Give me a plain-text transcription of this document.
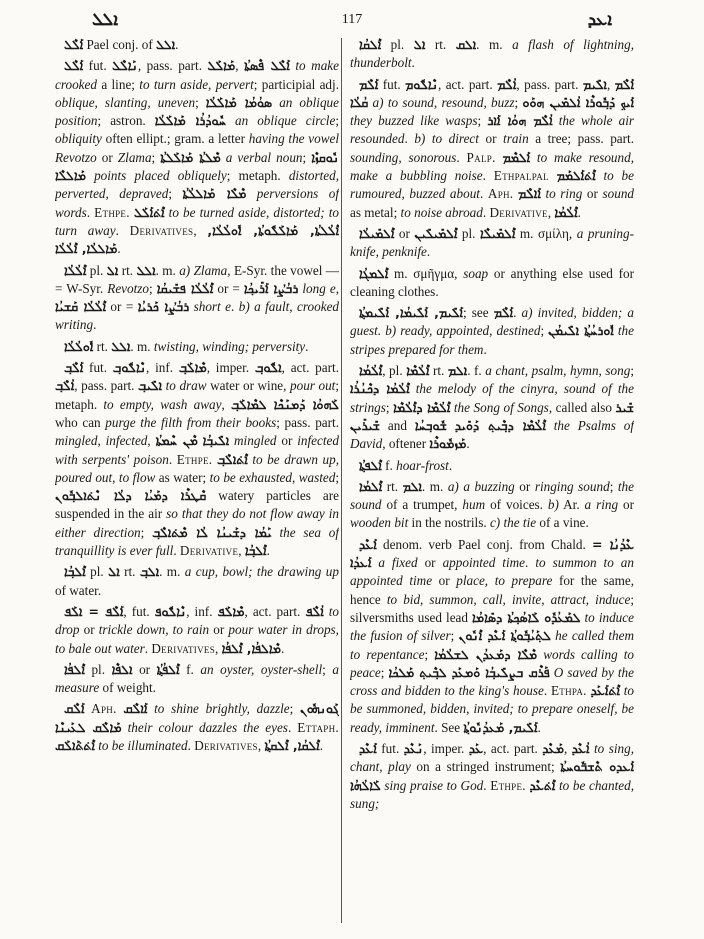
ܐܠܠ	117	ܐܥܕ

ܐܰܠܶܠ Pael conj. of ܐܠܠ.

ܐܰܠܶܠ fut. ܢܰܐܠܶܠ, pass. part. ܡܰܐܠܰܠ, ܐܰܠܶܠ ܦܶܣܬܳܐ to make crooked a line; to turn aside, pervert; participial adj. oblique, slanting, uneven; ܣܘܳܡܳܐ ܡܰܐܠܰܠܳܐ an oblique position; astron. ܚܽܘܕܳܪܳܐ ܡܰܐܠܰܠܳܐ an oblique circle; obliquity often ellipt.; gram. a letter having the vowel Revotzo or Zlama; ܡܶܠܬܳܐ ܡܰܐܠܰܠܬܳܐ a verbal noun; ܢܽܘܩܙܶܐ ܡܰܐܠܠܶܐ points placed obliquely; metaph. distorted, perverted, depraved; ܡܶܠܶܐ ܡܰܐܠܠܳܬܳܐ perversions of words. Ethpe. ܐܶܬ݁ܐܰܠܰܠ to be turned aside, distorted; to turn away. Derivatives, ܐܶܠܳܠܬܳܐ, ܡܰܐܠܰܠܽܘܬܳܐ, ܐܽܘܠܳܠܳܐ, ܡܰܐܠܠܳܐ, ܐܶܠܳܠܳܐ.

ܐܶܠܳܠܳܐ pl. ܐܠ rt. ܐܠܠ. m. a) Zlama, E-Syr. the vowel — = W-Syr. Revotzo; ܐܶܠܳܠܳܐ ܦܫܺܝܩܳܐ or = ܪܒܳܨܳܐ ܐܰܪܺܝܟ݂ܳܐ long e, ܐܶܠܳܠܳܐ ܩܰܫܝܳܐ or = ܪܒܳܨܳܐ ܟܰܪܝܳܐ short e. b) a fault, crooked writing.

ܐܽܘܠܳܠܳܐ rt. ܐܠܠ. m. twisting, winding; perversity.

ܐܰܠܶܒ݂ fut. ܢܶܐܠܽܘܒ݂, inf. ܡܶܐܠܰܒ݂, imper. ܐܠܽܘܒ݂, act. part. ܐܳܠܶܒ݂, pass. part. ܐܠܺܝܒ݂ to draw water or wine, pour out; metaph. to empty, wash away, ܠܰܗܘܳܐ ܕܰܡܢܰܟܶܐ ܠܡܶܐܠܰܒ݂ who can purge the filth from their books; pass. part. mingled, infected, ܡܶܢ ܚܶܡܬܳܐ ܐܠܺܝܒ݂ܳܐ mingled or infected with serpents' poison. Ethpe. ܐܶܬ݁ܐܠܶܒ݂ to be drawn up, poured out, to flow as water; to be exhausted, wasted; ܩܶܛܪܶܐ ܕܡܰܝܳܐ ܕܠܳܐ ܢܶܬ݁ܐܠܒ݂ܽܘܢ watery particles are suspended in the air so that they do not flow away in either direction; ܝܰܡܳܐ ܕܫܰܝܢܳܐ ܠܳܐ ܡܶܬ݁ܐܠܶܒ݂ the sea of tranquillity is ever full. Derivative, ܐܶܠܒ݂ܳܐ.

ܐܶܠܒ݂ܳܐ pl. ܐܠ rt. ܐܠܒ݂. m. a cup, bowl; the drawing up of water.

ܐܰܠܶܦ = ܐܠܰܦ, fut. ܢܶܐܠܽܘܦ, inf. ܡܶܐܠܰܦ, act. part. ܐܳܠܶܦ to drop or trickle down, to rain or pour water in drops, to bale out water. Derivatives, ܡܶܐܠܦܳܐ, ܐܶܠܦܳܐ.

ܐܶܠܦܳܐ pl. ܐܠܦܶܐ or ܐܶܠܦܳܬ݂ܳܐ f. an oyster, oyster-shell; a measure of weight.

ܐܰܠܶܩ Aph. ܐܰܐܠܶܩ to shine brightly, dazzle; ܓܰܘܢܗܽܘܢ ܡܰܐܠܶܩ ܠܥܰܝܢܶܐ their colour dazzles the eyes. Ettaph. ܐܶܬ݁ܬ݁ܰܐܠܰܩ to be illuminated. Derivatives, ܐܶܠܩܳܐ, ܐܶܠܩܬ݂ܳܐ.

ܐܶܠܩܳܐ pl. ܐܠ rt. ܐܠܩ. m. a flash of lightning, thunderbolt.

ܐܰܠܶܡ fut. ܢܶܐܠܽܘܡ, act. part. ܐܳܠܶܡ, pass. part. ܐܠܺܝܡ, ܐܰܠܶܡ ܩܳܠܳܐ a) to sound, resound, buzz; ܐܰܝܟ݂ ܕܰܒ݂ܽܘܪܶܐ ܐܳܠܡܺܝܢ ܗܘܰܘ they buzzed like wasps; ܐܳܠܶܡ ܗܘܳܐ ܐܰܐܪ the whole air resounded. b) to direct or train a tree; pass. part. sounding, sonorous. Palp. ܐܰܠܡܶܡ to make resound, make a bubbling noise. Ethpalpal ܐܶܬ݁ܐܰܠܡܰܡ to be rumoured, buzzed about. Aph. ܐܰܐܠܶܡ to ring or sound as metal; to noise abroad. Derivative, ܐܶܠܳܡܳܐ.

ܐܶܠܡܺܝܠܳܐ or ܐܶܠܡܺܝܠܺܝܢ pl. ܐܶܠܡܺܝܠܶܐ m. σμίλη, a pruning-knife, penknife.

ܐܶܠܡܓܳܐ m. σμῆγμα, soap or anything else used for cleaning clothes.

ܐܰܠܺܝܡ, ܐܰܠܺܝܡܳܐ, ܐܰܠܺܝܡܬ݂ܳܐ; see ܐܰܠܶܡ. a) invited, bidden; a guest. b) ready, appointed, destined; ܐܽܘܪܚܳܬ݂ܳܐ ܐܠܺܝܡܳܢ the stripes prepared for them.

ܐܶܠܳܡܳܐ, pl. ܐܶܠܳܡܶܐ rt. ܐܠܡ. f. a chant, psalm, hymn, song; ܐܶܠܳܡܳܐ ܕܟܶܢܳܪܳܐ the melody of the cinyra, sound of the strings; ܐܶܠܳܡܶܐ ܕܐܶܠܳܡܶܐ the Song of Songs, called also ܫܺܝܪ ܫܺܝܪܺܝܢ and ܫܽܘܒ݂ܚܳܐ ܐܶܠܳܡܶܐ ܕܒ݂ܶܝܬ݂ ܕܰܘܺܝܕ the Psalms of David, oftener ܡܰܙܡܽܘܪܶܐ.

ܐܶܠܦܬ݂ܳܐ f. hoar-frost.

ܐܶܠܡܳܐ rt. ܐܠܡ. m. a) a buzzing or ringing sound; the sound of a trumpet, hum of voices. b) Ar. a ring or wooden bit in the nostrils. c) the tie of a vine.

ܐܰܥܶܕ denom. verb Pael conj. from Chald. ܥܶܕܳܢܳܐ = ܐܰܥܕܳܐ a fixed or appointed time. to summon to an appointed time or place, to prepare for the same, hence to bid, summon, call, invite, attract, induce; silversmiths used lead ܠܡܰܥܳܕܽܘ ܠܰܐܣܳܟ݂ܬܳܐ ܕܣܺܐܡܳܐ to induce the fusion of silver; ܠܬ݂ܰܝܳܒ݂ܽܘܬ݂ܳܐ ܐܰܥܶܕ ܐܶܢܽܘܢ he called them to repentance; ܡܶܠܶܐ ܕܡܰܥܕܳܢ ܠܫܠܳܡܳܐ words calling to peace; ܦܰܪܶܩ ܒܨܠܺܝܒ݂ܳܐ ܘܰܡܥܰܕ ܠܒ݂ܶܝܬ݂ ܡܰܠܟܳܐ O saved by the cross and bidden to the king's house. Ethpa. ܐܶܬ݁ܐܰܥܰܕ to be summoned, bidden, invited; to prepare oneself, be ready, imminent. See ܐܰܠܺܝܡ, ܡܰܥܕܳܢܽܘܬ݂ܳܐ.

ܐܰܥܶܕ fut. ܢܰܥܶܕ, imper. ܥܰܕ, act. part. ܡܰܥܶܕ, ܐܳܥܶܕ to sing, chant, play on a stringed instrument; ܐܰܥܕܘ ܬܶܫܒ݁ܽܘܚܬܳܐ ܠܰܐܠܳܗܳܐ sing praise to God. Ethpe. ܐܶܬ݁ܥܶܕ to be chanted, sung;
